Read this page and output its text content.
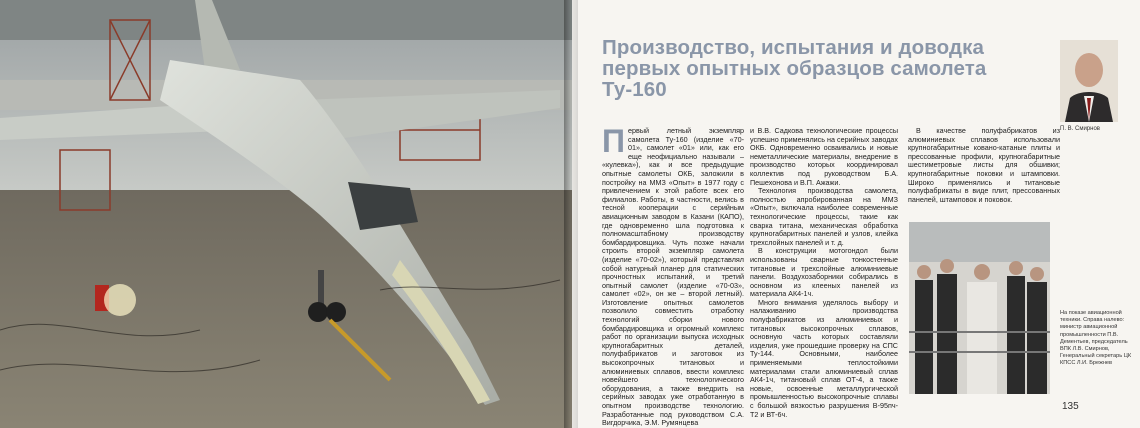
Производство, испытания и доводка первых опытных образцов самолета Ту-160
П. В. Смирнов
П ервый летный экземпляр самолета Ту-160 (изделие «70-01», самолет «01» или, как его еще неофициально называли – «кулевка»), как и все предыдущие опытные самолеты ОКБ, заложили в постройку на ММЗ «Опыт» в 1977 году с привлечением к этой работе всех его филиалов. Работы, в частности, велись в тесной кооперации с серийным авиационным заводом в Казани (КАПО), где одновременно шла подготовка к полномасштабному производству бомбардировщика. Чуть позже начали строить второй экземпляр самолета (изделие «70-02»), который представлял собой натурный планер для статических прочностных испытаний, и третий опытный самолет (изделие «70-03», самолет «02», он же – второй летный). Изготовление опытных самолетов позволило совместить отработку технологий сборки нового бомбардировщика и огромный комплекс работ по организации выпуска исходных крупногабаритных деталей, полуфабрикатов и заготовок из высокопрочных титановых и алюминиевых сплавов, ввести комплекс новейшего технологического оборудования, а также внедрить на серийных заводах уже отработанную в опытном производстве технологию. Разработанные под руководством С.А. Вигдорчика, Э.М. Румянцева

и В.В. Садкова технологические процессы успешно применялись на серийных заводах ОКБ. Одновременно осваивались и новые неметаллические материалы, внедрение в производство которых координировал коллектив под руководством Б.А. Пешехонова и В.П. Ажажи.

Технология производства самолета, полностью апробированная на ММЗ «Опыт», включала наиболее современные технологические процессы, такие как сварка титана, механическая обработка крупногабаритных панелей и узлов, клейка трехслойных панелей и т. д.

В конструкции мотогондол были использованы сварные тонкостенные титановые и трехслойные алюминиевые панели. Воздухозаборники собирались в основном из клееных панелей из материала АК4-1ч.

Много внимания уделялось выбору и налаживанию производства полуфабрикатов из алюминиевых и титановых высокопрочных сплавов, основную часть которых составляли изделия, уже прошедшие проверку на СПС Ту-144. Основными, наиболее применяемыми теплостойкими материалами стали алюминиевый сплав АК4-1ч, титановый сплав ОТ-4, а также новые, освоенные металлургической промышленностью высокопрочные сплавы с большой вязкостью разрушения В-95пч-Т2 и ВТ-6ч.

В качестве полуфабрикатов из алюминиевых сплавов использовали крупногабаритные ковано-катаные плиты и прессованные профили, крупногабаритные шестиметровые листы для обшивки; крупногабаритные поковки и штамповки. Широко применялись и титановые полуфабрикаты в виде плит, прессованных панелей, штамповок и поковок.

На показе авиационной техники. Справа налево: министр авиационной промышленности П.В. Дементьев, председатель ВПК Л.В. Смирнов, Генеральный секретарь ЦК КПСС Л.И. Брежнев
135
